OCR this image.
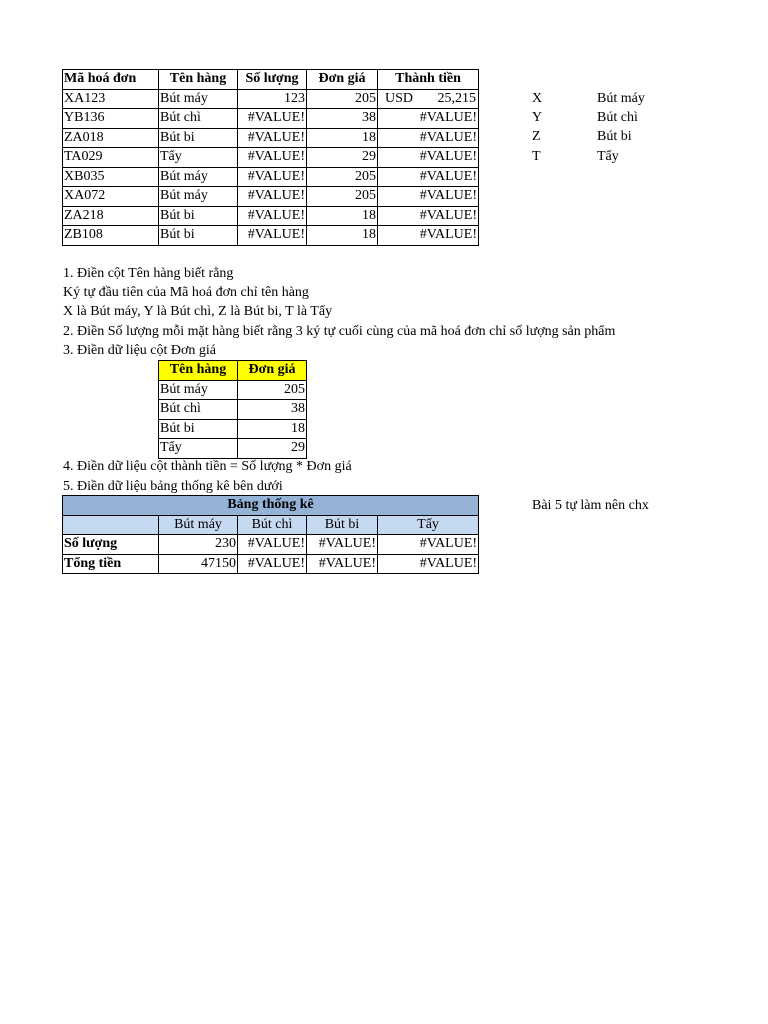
Mã hoá đơn	Tên hàng	Số lượng	Đơn giá	Thành tiền
XA123	Bút máy	123	205	USD 25,215

YB136	Bút chì	#VALUE!	38	#VALUE!
ZA018	Bút bi	#VALUE!	18	#VALUE!
TA029	Tẩy	#VALUE!	29	#VALUE!
XB035	Bút máy	#VALUE!	205	#VALUE!
XA072	Bút máy	#VALUE!	205	#VALUE!
ZA218	Bút bi	#VALUE!	18	#VALUE!
ZB108	Bút bi	#VALUE!	18	#VALUE!
X	Bút máy
Y	Bút chì
Z	Bút bi
T	Tẩy
1. Điền cột Tên hàng biết rằng
Ký tự đầu tiên của Mã hoá đơn chỉ tên hàng
X là Bút máy, Y là Bút chì, Z là Bút bi, T là Tẩy
2. Điền Số lượng mỗi mặt hàng biết rằng 3 ký tự cuối cùng của mã hoá đơn chỉ số lượng sản phẩm
3. Điền dữ liệu cột Đơn giá
Tên hàng	Đơn giá
Bút máy	205
Bút chì	38
Bút bi	18
Tẩy	29
4. Điền dữ liệu cột thành tiền = Số lượng * Đơn giá
5. Điền dữ liệu bảng thống kê bên dưới
Bảng thống kê				
	Bút máy	Bút chì	Bút bi	Tẩy
Số lượng	230	#VALUE!	#VALUE!	#VALUE!
Tổng tiền	47150	#VALUE!	#VALUE!	#VALUE!
Bài 5 tự làm nên chx
